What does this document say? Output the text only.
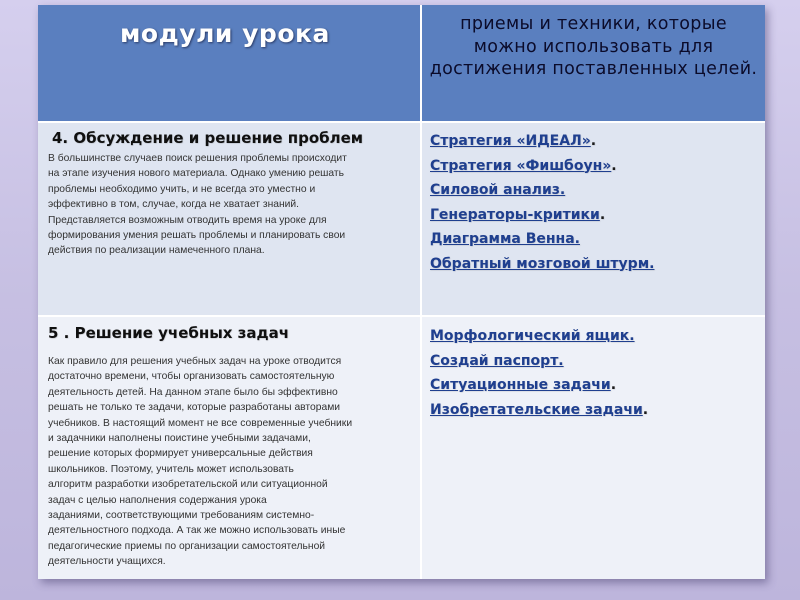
модули урока	приемы и техники, которые можно использовать для достижения поставленных целей.
4. Обсуждение и решение проблем
В большинстве случаев поиск решения проблемы происходит
на этапе изучения нового материала. Однако умению решать
проблемы необходимо учить, и не всегда это уместно и
эффективно в том, случае, когда не хватает знаний.
Представляется возможным отводить время на уроке для
формирования умения решать проблемы и планировать свои
действия по реализации намеченного плана.
Стратегия «ИДЕАЛ».
Стратегия «Фишбоун».
Силовой анализ.
Генераторы-критики.
Диаграмма Венна.
Обратный мозговой штурм.
5 . Решение учебных задач
Как правило для решения учебных задач на уроке отводится
достаточно времени, чтобы организовать самостоятельную
деятельность детей. На данном этапе было бы эффективно
решать не только те задачи, которые разработаны авторами
учебников. В настоящий момент не все современные учебники
и задачники наполнены поистине учебными задачами,
решение которых формирует универсальные действия
школьников. Поэтому, учитель может использовать
алгоритм разработки изобретательской или ситуационной
задач с целью наполнения содержания урока
заданиями, соответствующими требованиям системно-
деятельностного подхода. А так же можно использовать иные
педагогические приемы по организации самостоятельной
деятельности учащихся.
Морфологический ящик.
Создай паспорт.
Ситуационные задачи.
Изобретательские задачи.
